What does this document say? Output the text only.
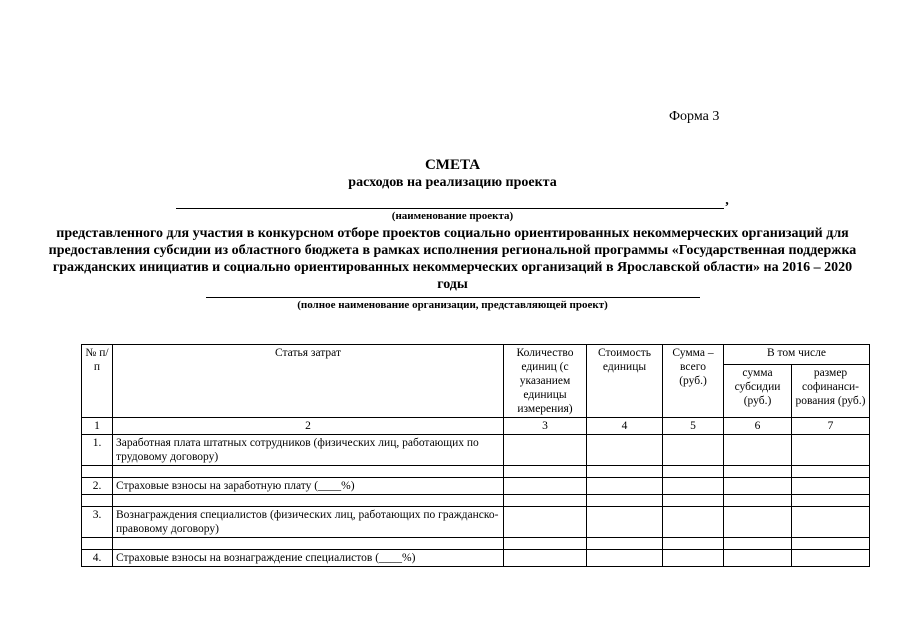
Форма 3
СМЕТА
расходов на реализацию проекта
,
(наименование проекта)
представленного для участия в конкурсном отборе проектов социально ориентированных некоммерческих организаций для предоставления субсидии из областного бюджета в рамках исполнения региональной программы «Государственная поддержка гражданских инициатив и социально ориентированных некоммерческих организаций в Ярославской области» на 2016 – 2020 годы
(полное наименование организации, представляющей проект)
№ п/п	Статья затрат	Количество единиц (с указанием единицы измерения)	Стоимость единицы	Сумма – всего (руб.)	В том числе	
					сумма субсидии (руб.)	размер софинанси-рования (руб.)
1	2	3	4	5	6	7
1.	Заработная плата штатных сотрудников (физических лиц, работающих по трудовому договору)					

2.	Страховые взносы на заработную плату (____%)					

3.	Вознаграждения специалистов (физических лиц, работающих по гражданско-правовому договору)					

4.	Страховые взносы на вознаграждение специалистов (____%)					
